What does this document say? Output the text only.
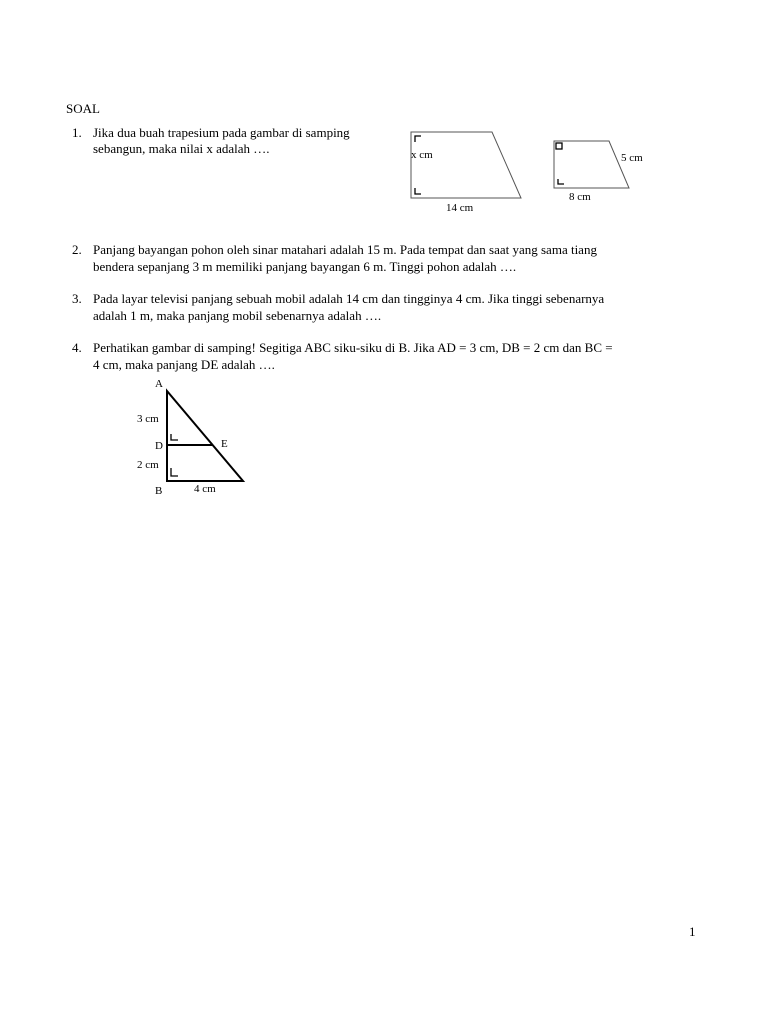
SOAL
1. Jika dua buah trapesium pada gambar di samping
sebangun, maka nilai x adalah ….	x cm
14 cm
5 cm
8 cm
2. Panjang bayangan pohon oleh sinar matahari adalah 15 m. Pada tempat dan saat yang sama tiang
bendera sepanjang 3 m memiliki panjang bayangan 6 m. Tinggi pohon adalah ….
3. Pada layar televisi panjang sebuah mobil adalah 14 cm dan tingginya 4 cm. Jika tinggi sebenarnya
adalah 1 m, maka panjang mobil sebenarnya adalah ….
4. Perhatikan gambar di samping! Segitiga ABC siku-siku di B. Jika AD = 3 cm, DB = 2 cm dan BC =
4 cm, maka panjang DE adalah ….
A
3 cm
D	E
2 cm
B	4 cm
1
